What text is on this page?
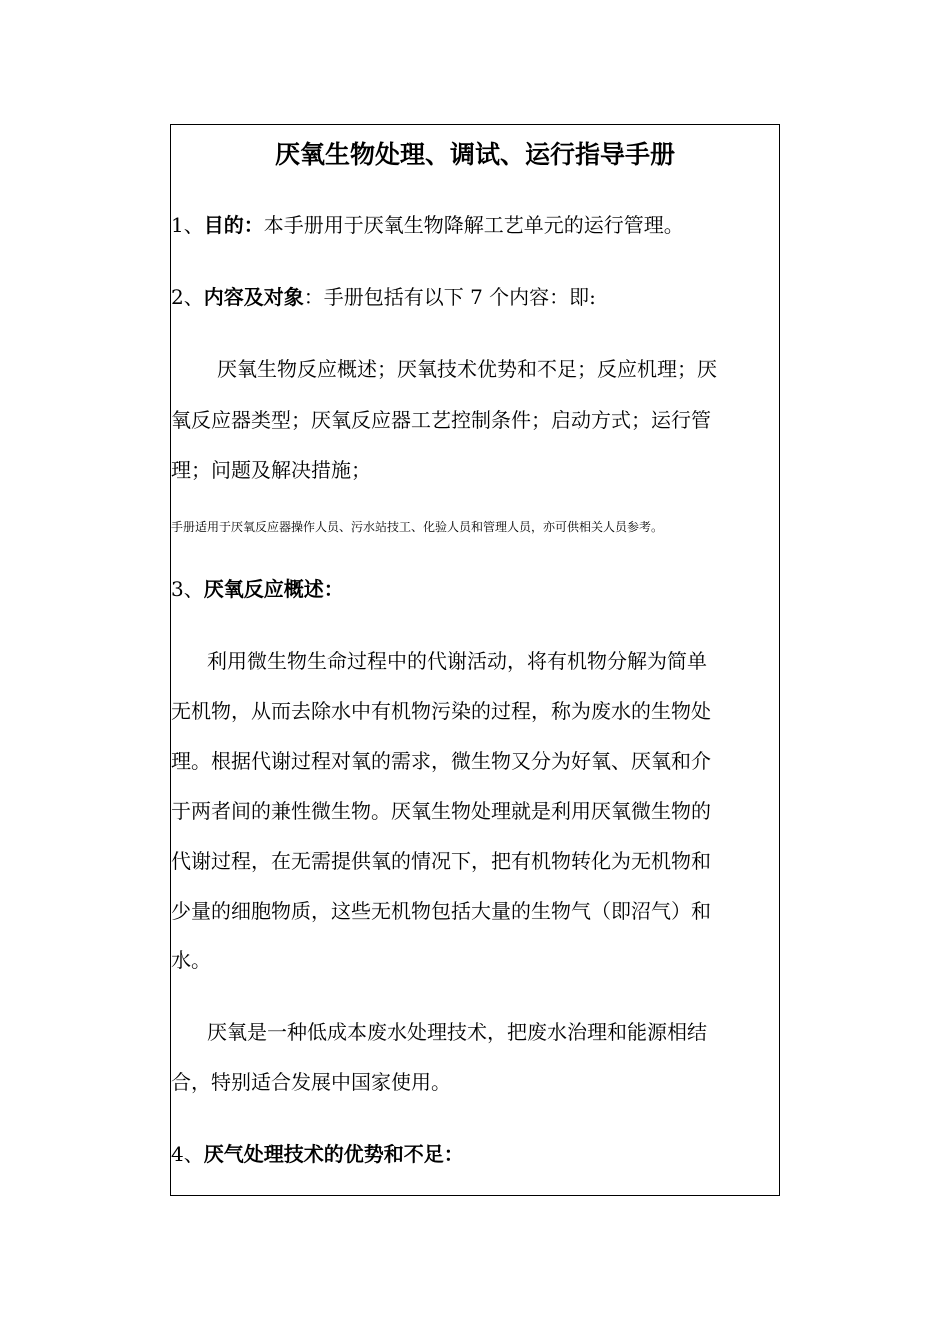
厌氧生物处理、调试、运行指导手册
1、目的：本手册用于厌氧生物降解工艺单元的运行管理。
2、内容及对象：手册包括有以下 7 个内容：即:
厌氧生物反应概述；厌氧技术优势和不足；反应机理；厌
氧反应器类型；厌氧反应器工艺控制条件；启动方式；运行管
理；问题及解决措施；
手册适用于厌氧反应器操作人员、污水站技工、化验人员和管理人员，亦可供相关人员参考。
3、厌氧反应概述：
利用微生物生命过程中的代谢活动，将有机物分解为简单
无机物，从而去除水中有机物污染的过程，称为废水的生物处
理。根据代谢过程对氧的需求，微生物又分为好氧、厌氧和介
于两者间的兼性微生物。厌氧生物处理就是利用厌氧微生物的
代谢过程，在无需提供氧的情况下，把有机物转化为无机物和
少量的细胞物质，这些无机物包括大量的生物气（即沼气）和
水。
厌氧是一种低成本废水处理技术，把废水治理和能源相结
合，特别适合发展中国家使用。
4、厌气处理技术的优势和不足：
